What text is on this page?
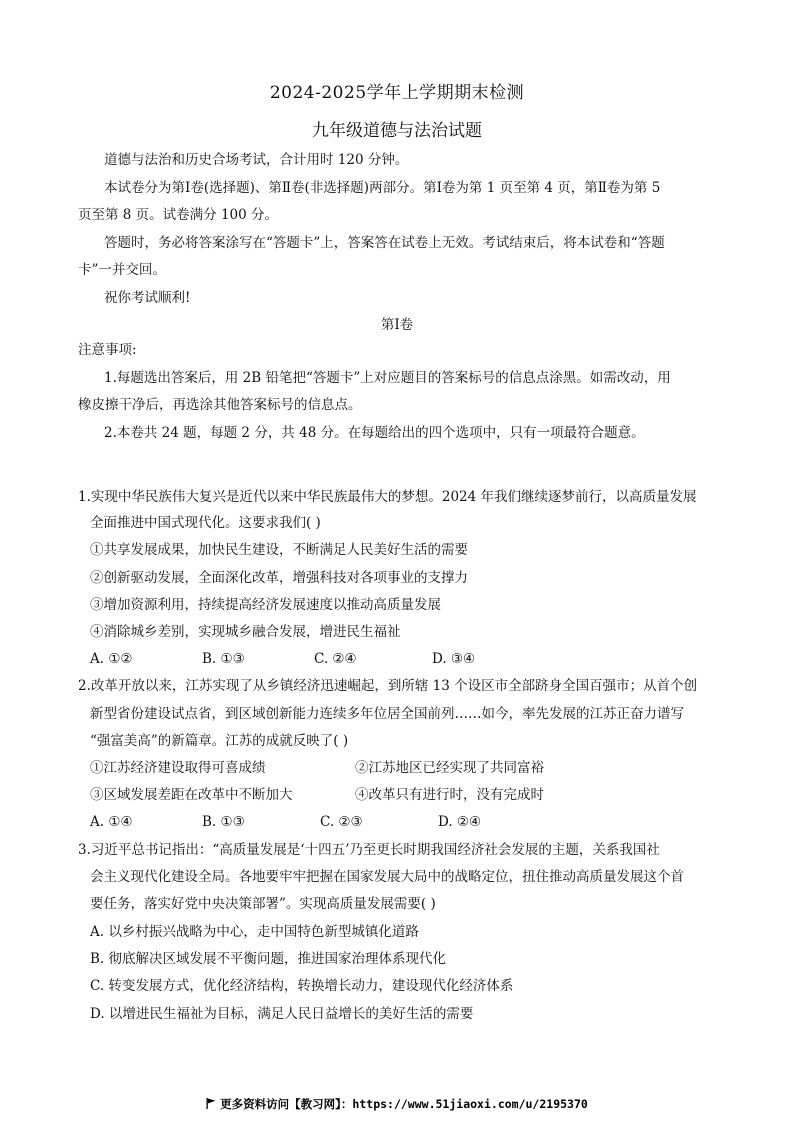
2024-2025学年上学期期末检测
九年级道德与法治试题
道德与法治和历史合场考试，合计用时 120 分钟。
本试卷分为第Ⅰ卷(选择题)、第Ⅱ卷(非选择题)两部分。第Ⅰ卷为第 1 页至第 4 页，第Ⅱ卷为第 5
页至第 8 页。试卷满分 100 分。
答题时，务必将答案涂写在“答题卡”上，答案答在试卷上无效。考试结束后，将本试卷和“答题
卡”一并交回。
祝你考试顺利!
第Ⅰ卷
注意事项:
1.每题选出答案后，用 2B 铅笔把“答题卡”上对应题目的答案标号的信息点涂黑。如需改动，用
橡皮擦干净后，再选涂其他答案标号的信息点。
2.本卷共 24 题，每题 2 分，共 48 分。在每题给出的四个选项中，只有一项最符合题意。
1.实现中华民族伟大复兴是近代以来中华民族最伟大的梦想。2024 年我们继续逐梦前行，以高质量发展
全面推进中国式现代化。这要求我们( )
①共享发展成果，加快民生建设，不断满足人民美好生活的需要
②创新驱动发展，全面深化改革，增强科技对各项事业的支撑力
③增加资源利用，持续提高经济发展速度以推动高质量发展
④消除城乡差别，实现城乡融合发展，增进民生福祉
A. ①②	B. ①③	C. ②④	D. ③④
2.改革开放以来，江苏实现了从乡镇经济迅速崛起，到所辖 13 个设区市全部跻身全国百强市；从首个创
新型省份建设试点省，到区域创新能力连续多年位居全国前列……如今，率先发展的江苏正奋力谱写
“强富美高”的新篇章。江苏的成就反映了( )
①江苏经济建设取得可喜成绩	②江苏地区已经实现了共同富裕
③区域发展差距在改革中不断加大	④改革只有进行时，没有完成时
A. ①④	B. ①③	C. ②③	D. ②④
3.习近平总书记指出：“高质量发展是‘十四五’乃至更长时期我国经济社会发展的主题，关系我国社
会主义现代化建设全局。各地要牢牢把握在国家发展大局中的战略定位，扭住推动高质量发展这个首
要任务，落实好党中央决策部署”。实现高质量发展需要( )
A. 以乡村振兴战略为中心，走中国特色新型城镇化道路
B. 彻底解决区域发展不平衡问题，推进国家治理体系现代化
C. 转变发展方式，优化经济结构，转换增长动力，建设现代化经济体系
D. 以增进民生福祉为目标，满足人民日益增长的美好生活的需要
更多资料访问【教习网】：https://www.51jiaoxi.com/u/2195370
